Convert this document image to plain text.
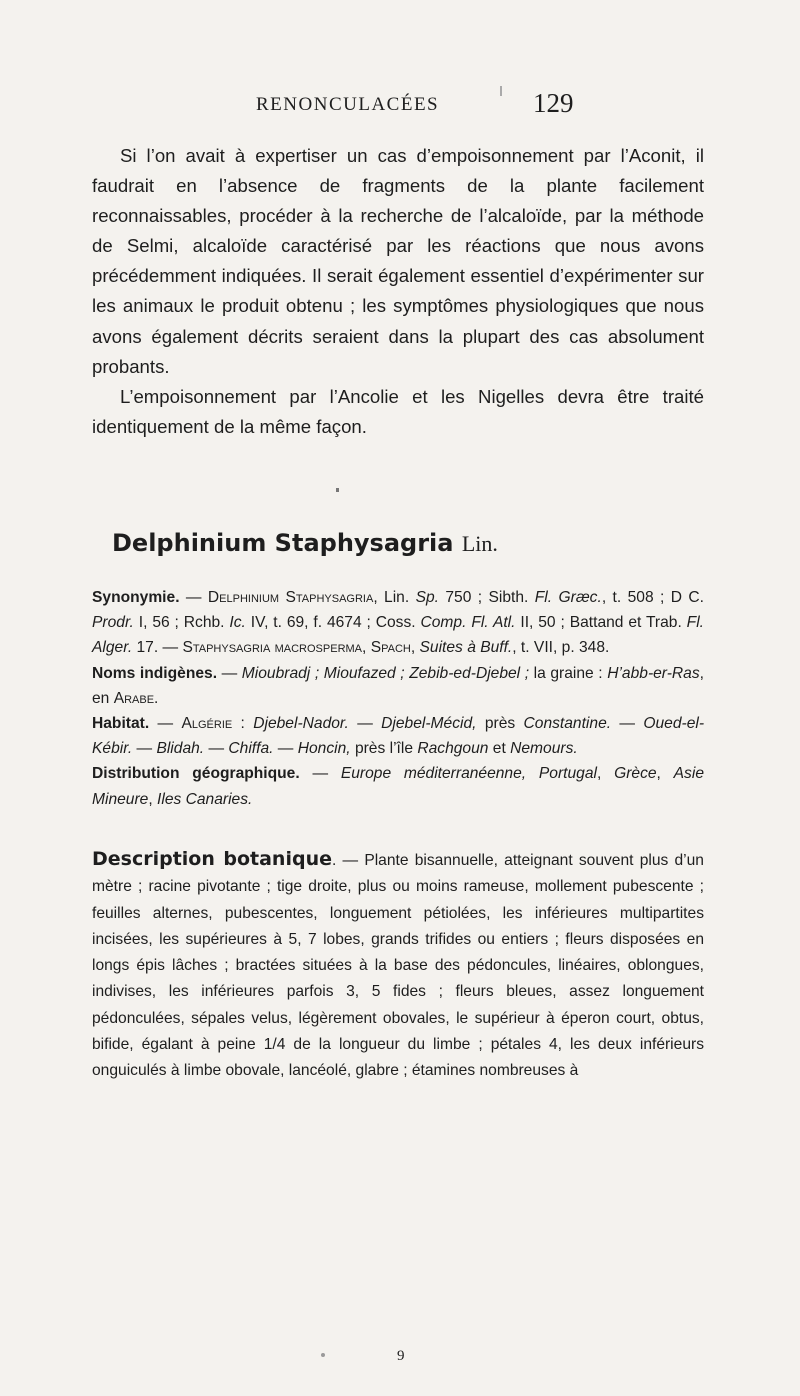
RENONCULACÉES	129

Si l’on avait à expertiser un cas d’empoisonnement par l’Aconit, il faudrait en l’absence de fragments de la plante facilement reconnaissables, procéder à la recherche de l’alcaloïde, par la méthode de Selmi, alcaloïde caractérisé par les réactions que nous avons précédemment indiquées. Il serait également essentiel d’expérimenter sur les animaux le produit obtenu ; les symptômes physiologiques que nous avons également décrits seraient dans la plupart des cas absolument probants.

L’empoisonnement par l’Ancolie et les Nigelles devra être traité identiquement de la même façon.

Delphinium Staphysagria Lin.

Synonymie. — Delphinium Staphysagria, Lin. Sp. 750 ; Sibth. Fl. Græc., t. 508 ; D C. Prodr. I, 56 ; Rchb. Ic. IV, t. 69, f. 4674 ; Coss. Comp. Fl. Atl. II, 50 ; Battand et Trab. Fl. Alger. 17. — Staphysagria macrosperma, Spach, Suites à Buff., t. VII, p. 348.

Noms indigènes. — Mioubradj ; Mioufazed ; Zebib-ed-Djebel ; la graine : H’abb-er-Ras, en Arabe.

Habitat. — Algérie : Djebel-Nador. — Djebel-Mécid, près Constantine. — Oued-el-Kébir. — Blidah. — Chiffa. — Honcin, près l’île Rachgoun et Nemours.

Distribution géographique. — Europe méditerranéenne, Portugal, Grèce, Asie Mineure, Iles Canaries.

Description botanique. — Plante bisannuelle, atteignant souvent plus d’un mètre ; racine pivotante ; tige droite, plus ou moins rameuse, mollement pubescente ; feuilles alternes, pubescentes, longuement pétiolées, les inférieures multipartites incisées, les supérieures à 5, 7 lobes, grands trifides ou entiers ; fleurs disposées en longs épis lâches ; bractées situées à la base des pédoncules, linéaires, oblongues, indivises, les inférieures parfois 3, 5 fides ; fleurs bleues, assez longuement pédonculées, sépales velus, légèrement obovales, le supérieur à éperon court, obtus, bifide, égalant à peine 1/4 de la longueur du limbe ; pétales 4, les deux inférieurs onguiculés à limbe obovale, lancéolé, glabre ; étamines nombreuses à

9
